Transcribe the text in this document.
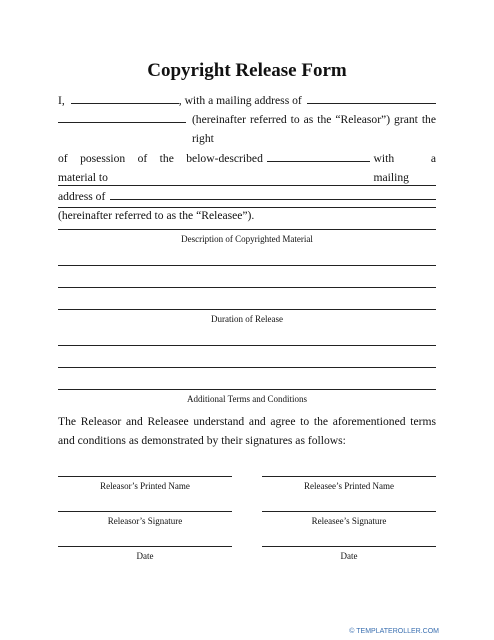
Copyright Release Form
I,	, with a mailing address of
(hereinafter referred to as the “Releasor”) grant the right
of posession of the below-described material to
with a mailing
address of
(hereinafter referred to as the “Releasee”).
Description of Copyrighted Material
Duration of Release
Additional Terms and Conditions
The Releasor and Releasee understand and agree to the aforementioned terms and conditions as demonstrated by their signatures as follows:
Releasor’s Printed Name	Releasee’s Printed Name
Releasor’s Signature	Releasee’s Signature
Date	Date
© TEMPLATEROLLER.COM
